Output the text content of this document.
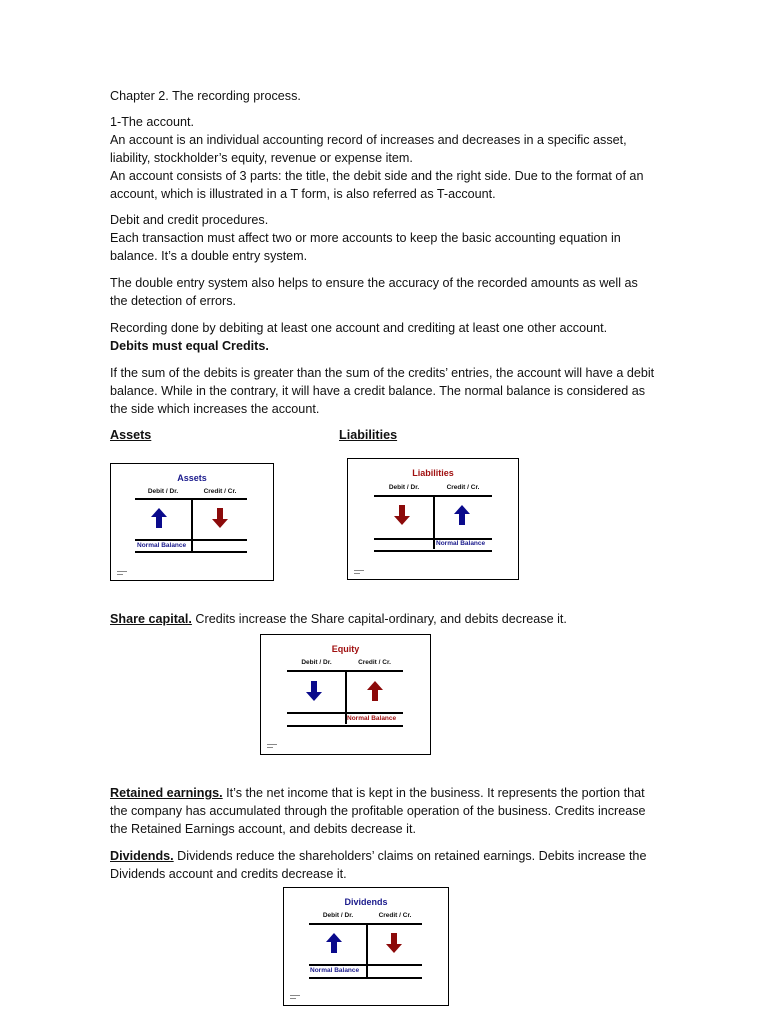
Chapter 2. The recording process.

1-The account.
An account is an individual accounting record of increases and decreases in a specific asset, liability, stockholder’s equity, revenue or expense item.
An account consists of 3 parts: the title, the debit side and the right side. Due to the format of an account, which is illustrated in a T form, is also referred as T-account.

Debit and credit procedures.
Each transaction must affect two or more accounts to keep the basic accounting equation in balance. It’s a double entry system.

The double entry system also helps to ensure the accuracy of the recorded amounts as well as the detection of errors.

Recording done by debiting at least one account and crediting at least one other account.
Debits must equal Credits.

If the sum of the debits is greater than the sum of the credits’ entries, the account will have a debit balance. While in the contrary, it will have a credit balance. The normal balance is considered as the side which increases the account.

Assets	Liabilities
Assets
Debit / Dr.	Credit / Cr.
Normal Balance
Liabilities
Debit / Dr.	Credit / Cr.
Normal Balance
Share capital. Credits increase the Share capital-ordinary, and debits decrease it.
Equity
Debit / Dr.	Credit / Cr.
Normal Balance

Retained earnings. It’s the net income that is kept in the business. It represents the portion that the company has accumulated through the profitable operation of the business. Credits increase the Retained Earnings account, and debits decrease it.

Dividends. Dividends reduce the shareholders’ claims on retained earnings. Debits increase the Dividends account and credits decrease it.

Dividends
Debit / Dr.	Credit / Cr.
Normal Balance
